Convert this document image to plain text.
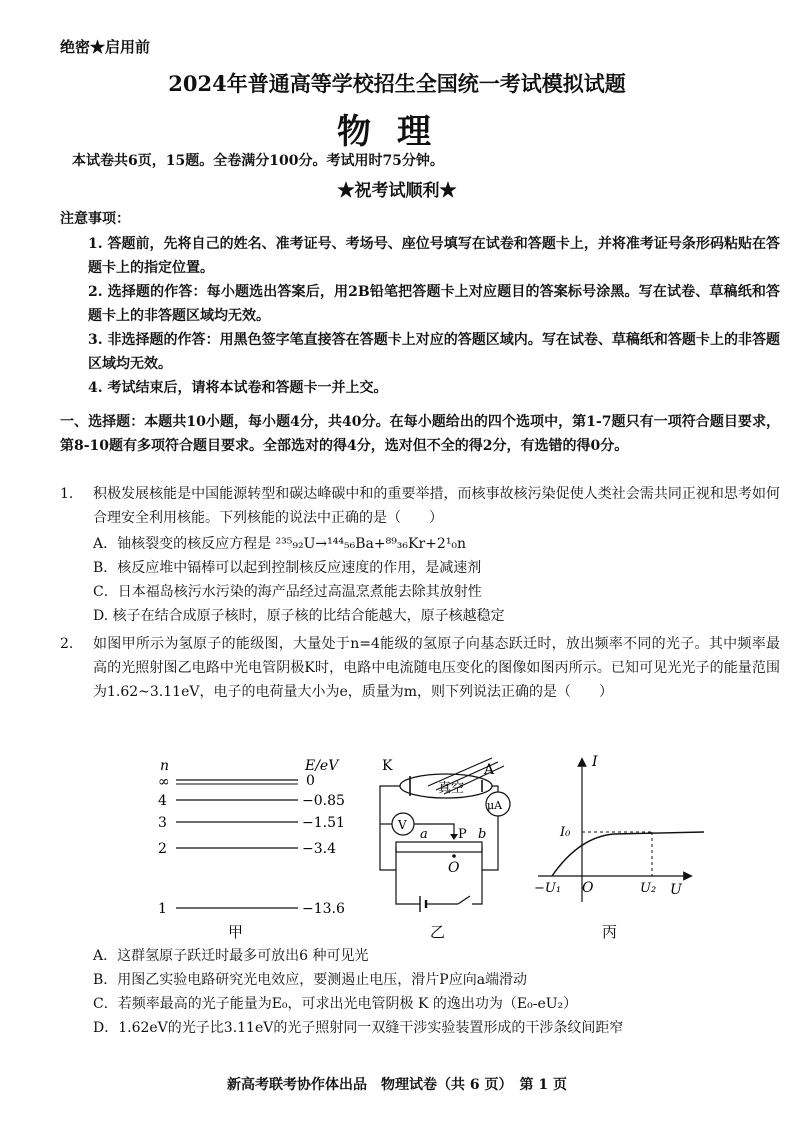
绝密★启用前
2024年普通高等学校招生全国统一考试模拟试题
物理
本试卷共6页，15题。全卷满分100分。考试用时75分钟。
★祝考试顺利★
注意事项：
1. 答题前，先将自己的姓名、准考证号、考场号、座位号填写在试卷和答题卡上，并将准考证号条形码粘贴在答题卡上的指定位置。
2. 选择题的作答：每小题选出答案后，用2B铅笔把答题卡上对应题目的答案标号涂黑。写在试卷、草稿纸和答题卡上的非答题区域均无效。
3. 非选择题的作答：用黑色签字笔直接答在答题卡上对应的答题区域内。写在试卷、草稿纸和答题卡上的非答题区域均无效。
4. 考试结束后，请将本试卷和答题卡一并上交。
一、选择题：本题共10小题，每小题4分，共40分。在每小题给出的四个选项中，第1-7题只有一项符合题目要求，第8-10题有多项符合题目要求。全部选对的得4分，选对但不全的得2分，有选错的得0分。
1. 积极发展核能是中国能源转型和碳达峰碳中和的重要举措，而核事故核污染促使人类社会需共同正视和思考如何合理安全利用核能。下列核能的说法中正确的是（　　）
A．铀核裂变的核反应方程是 ²³⁵₉₂U→¹⁴⁴₅₆Ba+⁸⁹₃₆Kr+2¹₀n
B．核反应堆中镉棒可以起到控制核反应速度的作用，是减速剂
C．日本福岛核污水污染的海产品经过高温烹煮能去除其放射性
D. 核子在结合成原子核时，原子核的比结合能越大，原子核越稳定
2. 如图甲所示为氢原子的能级图，大量处于n=4能级的氢原子向基态跃迁时，放出频率不同的光子。其中频率最高的光照射图乙电路中光电管阴极K时，电路中电流随电压变化的图像如图丙所示。已知可见光光子的能量范围为1.62~3.11eV，电子的电荷量大小为e，质量为m，则下列说法正确的是（　　）
n	E/eV
∞	0
4	−0.85
3	−1.51
2	−3.4
1	−13.6
甲
K	A
真空
μA
V
P
a	b
O
乙
I
U
I₀
O
−U₁	U₂
丙
A．这群氢原子跃迁时最多可放出6 种可见光
B．用图乙实验电路研究光电效应，要测遏止电压，滑片P应向a端滑动
C．若频率最高的光子能量为E₀，可求出光电管阴极 K 的逸出功为（E₀-eU₂）
D．1.62eV的光子比3.11eV的光子照射同一双缝干涉实验装置形成的干涉条纹间距窄
新高考联考协作体出品　物理试卷（共 6 页）　第 1 页
